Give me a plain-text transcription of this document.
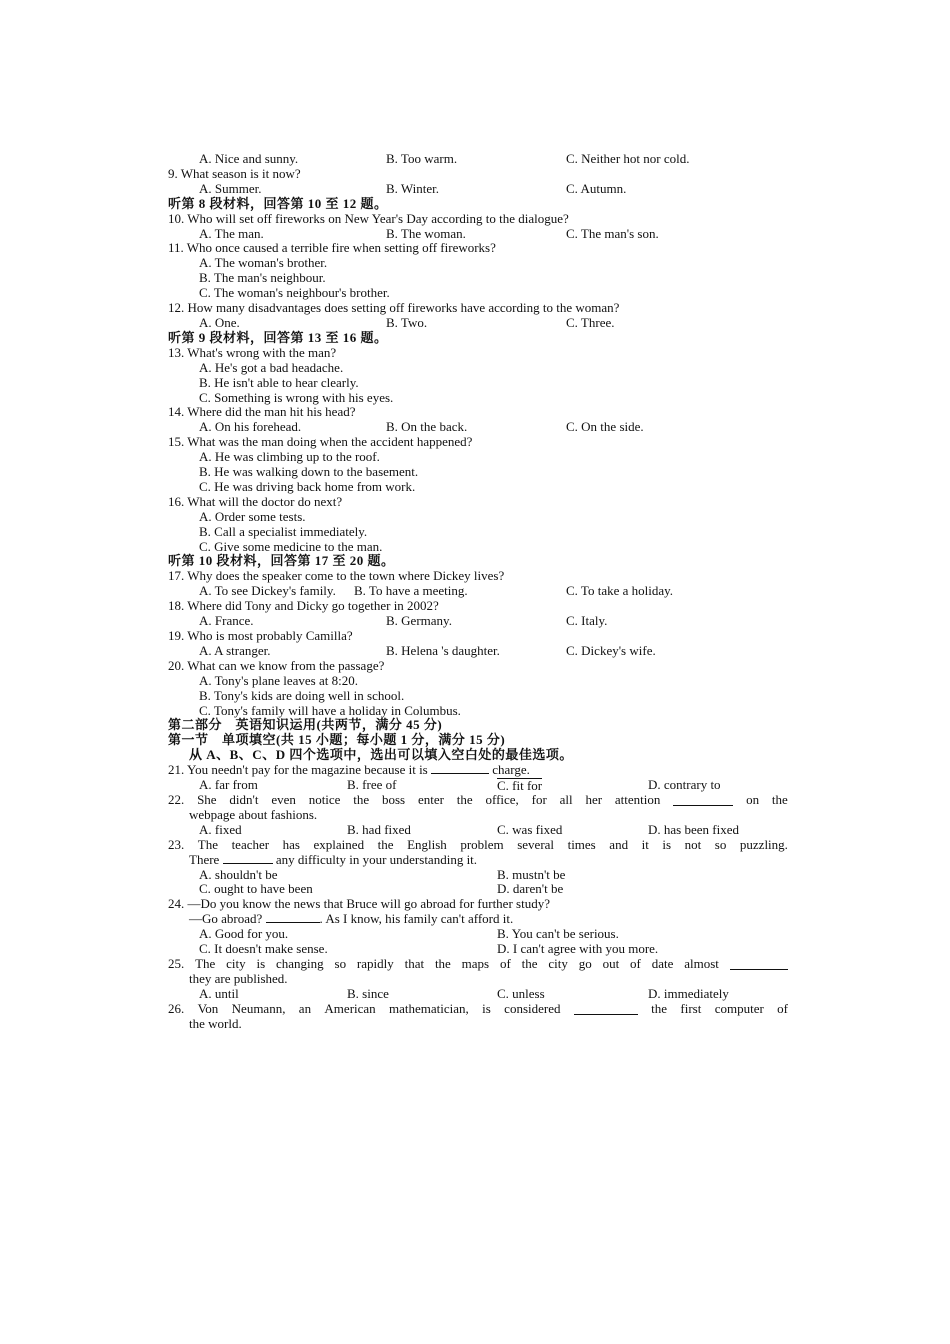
A. Nice and sunny.	B. Too warm.	C. Neither hot nor cold.
9. What season is it now?
A. Summer.	B. Winter.	C. Autumn.
听第 8 段材料，回答第 10 至 12 题。
10. Who will set off fireworks on New Year's Day according to the dialogue?
A. The man.	B. The woman.	C. The man's son.
11. Who once caused a terrible fire when setting off fireworks?
A. The woman's brother.
B. The man's neighbour.
C. The woman's neighbour's brother.
12. How many disadvantages does setting off fireworks have according to the woman?
A. One.	B. Two.	C. Three.
听第 9 段材料，回答第 13 至 16 题。
13. What's wrong with the man?
A. He's got a bad headache.
B. He isn't able to hear clearly.
C. Something is wrong with his eyes.
14. Where did the man hit his head?
A. On his forehead.	B. On the back.	C. On the side.
15. What was the man doing when the accident happened?
A. He was climbing up to the roof.
B. He was walking down to the basement.
C. He was driving back home from work.
16. What will the doctor do next?
A. Order some tests.
B. Call a specialist immediately.
C. Give some medicine to the man.
听第 10 段材料，回答第 17 至 20 题。
17. Why does the speaker come to the town where Dickey lives?
A. To see Dickey's family. B. To have a meeting.	C. To take a holiday.
18. Where did Tony and Dicky go together in 2002?
A. France.	B. Germany.	C. Italy.
19. Who is most probably Camilla?
A. A stranger.	B. Helena 's daughter.	C. Dickey's wife.
20. What can we know from the passage?
A. Tony's plane leaves at 8:20.
B. Tony's kids are doing well in school.
C. Tony's family will have a holiday in Columbus.
第二部分　英语知识运用(共两节，满分 45 分)
第一节　单项填空(共 15 小题；每小题 1 分，满分 15 分)
从 A、B、C、D 四个选项中，选出可以填入空白处的最佳选项。
21. You needn't pay for the magazine because it is	charge.
A. far from	B. free of	C. fit for	D. contrary to
22. She didn't even notice the boss enter the office, for all her attention	on the
webpage about fashions.
A. fixed	B. had fixed	C. was fixed	D. has been fixed
23. The teacher has explained the English problem several times and it is not so puzzling.
There	any difficulty in your understanding it.
A. shouldn't be	B. mustn't be
C. ought to have been	D. daren't be
24. —Do you know the news that Bruce will go abroad for further study?
—Go abroad?	. As I know, his family can't afford it.
A. Good for you.	B. You can't be serious.
C. It doesn't make sense.	D. I can't agree with you more.
25. The city is changing so rapidly that the maps of the city go out of date almost
they are published.
A. until	B. since	C. unless	D. immediately
26. Von Neumann, an American mathematician, is considered	the first computer of
the world.
